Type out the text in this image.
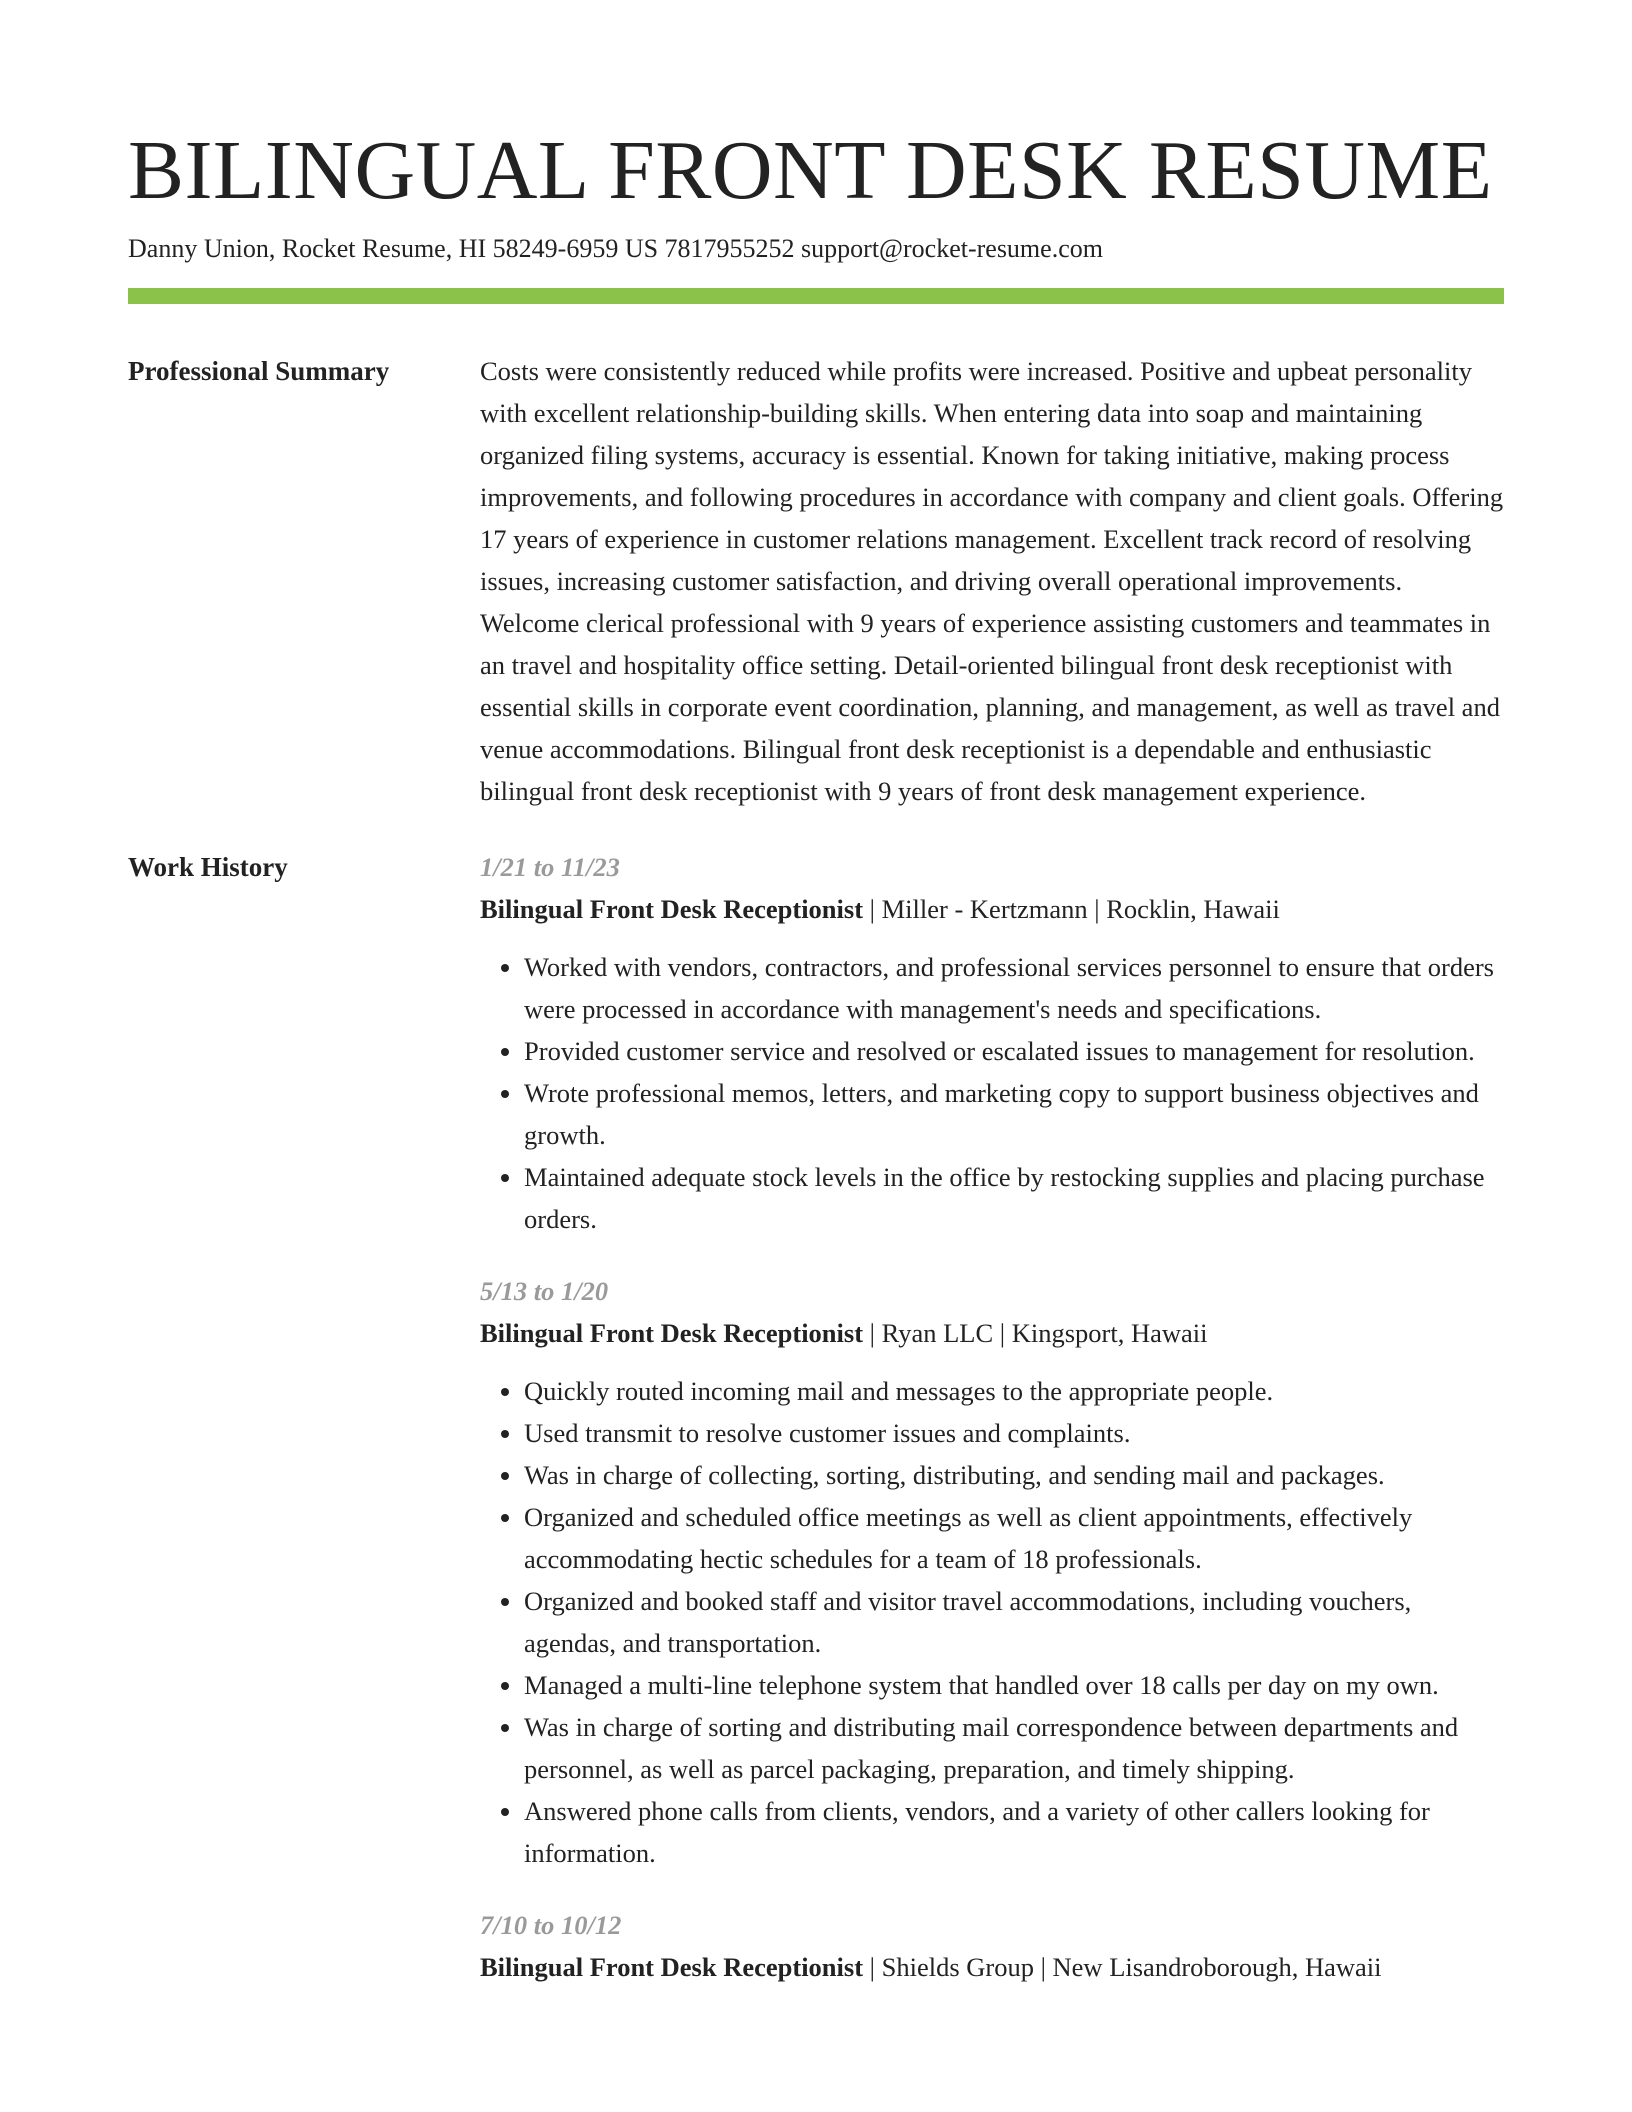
BILINGUAL FRONT DESK RESUME
Danny Union, Rocket Resume, HI 58249-6959 US 7817955252 support@rocket-resume.com
Professional Summary	Costs were consistently reduced while profits were increased. Positive and upbeat personality with excellent relationship-building skills. When entering data into soap and maintaining organized filing systems, accuracy is essential. Known for taking initiative, making process improvements, and following procedures in accordance with company and client goals. Offering 17 years of experience in customer relations management. Excellent track record of resolving issues, increasing customer satisfaction, and driving overall operational improvements. Welcome clerical professional with 9 years of experience assisting customers and teammates in an travel and hospitality office setting. Detail-oriented bilingual front desk receptionist with essential skills in corporate event coordination, planning, and management, as well as travel and venue accommodations. Bilingual front desk receptionist is a dependable and enthusiastic bilingual front desk receptionist with 9 years of front desk management experience.
Work History	1/21 to 11/23
Bilingual Front Desk Receptionist | Miller - Kertzmann | Rocklin, Hawaii
• Worked with vendors, contractors, and professional services personnel to ensure that orders were processed in accordance with management's needs and specifications.
• Provided customer service and resolved or escalated issues to management for resolution.
• Wrote professional memos, letters, and marketing copy to support business objectives and growth.
• Maintained adequate stock levels in the office by restocking supplies and placing purchase orders.
5/13 to 1/20
Bilingual Front Desk Receptionist | Ryan LLC | Kingsport, Hawaii
• Quickly routed incoming mail and messages to the appropriate people.
• Used transmit to resolve customer issues and complaints.
• Was in charge of collecting, sorting, distributing, and sending mail and packages.
• Organized and scheduled office meetings as well as client appointments, effectively accommodating hectic schedules for a team of 18 professionals.
• Organized and booked staff and visitor travel accommodations, including vouchers, agendas, and transportation.
• Managed a multi-line telephone system that handled over 18 calls per day on my own.
• Was in charge of sorting and distributing mail correspondence between departments and personnel, as well as parcel packaging, preparation, and timely shipping.
• Answered phone calls from clients, vendors, and a variety of other callers looking for information.
7/10 to 10/12
Bilingual Front Desk Receptionist | Shields Group | New Lisandroborough, Hawaii
